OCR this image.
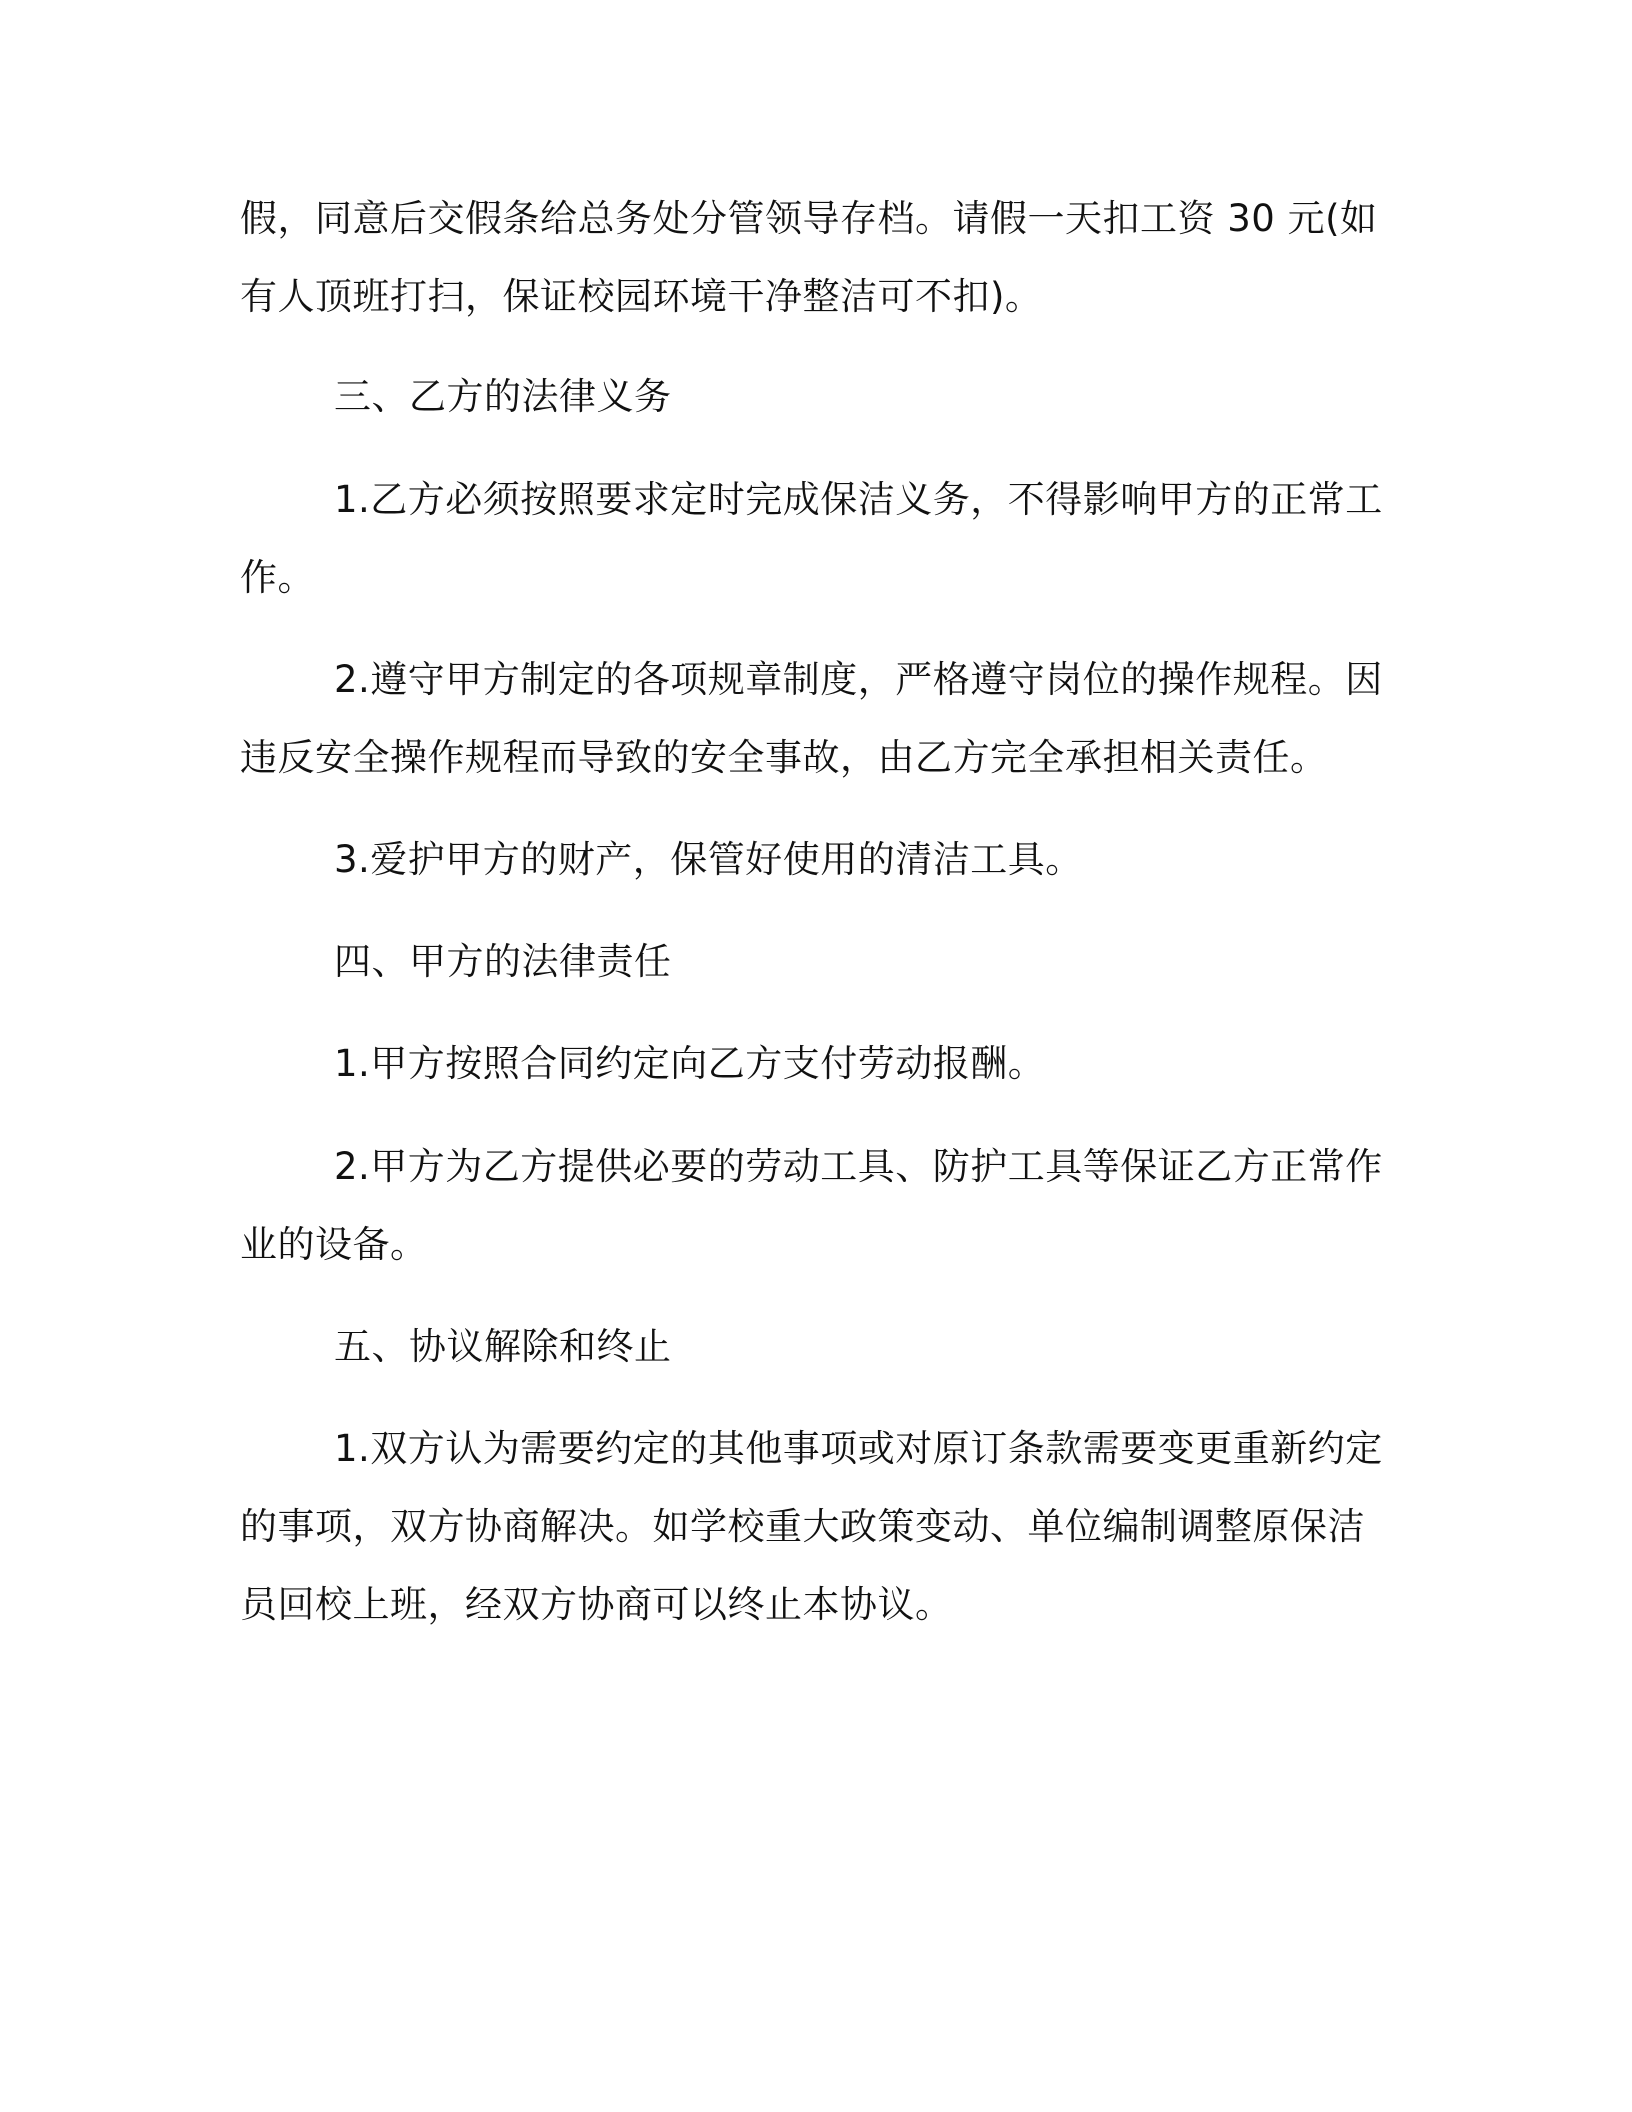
假，同意后交假条给总务处分管领导存档。请假一天扣工资 30 元(如
有人顶班打扫，保证校园环境干净整洁可不扣)。
三、乙方的法律义务
1.乙方必须按照要求定时完成保洁义务，不得影响甲方的正常工
作。
2.遵守甲方制定的各项规章制度，严格遵守岗位的操作规程。因
违反安全操作规程而导致的安全事故，由乙方完全承担相关责任。
3.爱护甲方的财产，保管好使用的清洁工具。
四、甲方的法律责任
1.甲方按照合同约定向乙方支付劳动报酬。
2.甲方为乙方提供必要的劳动工具、防护工具等保证乙方正常作
业的设备。
五、协议解除和终止
1.双方认为需要约定的其他事项或对原订条款需要变更重新约定
的事项，双方协商解决。如学校重大政策变动、单位编制调整原保洁
员回校上班，经双方协商可以终止本协议。
